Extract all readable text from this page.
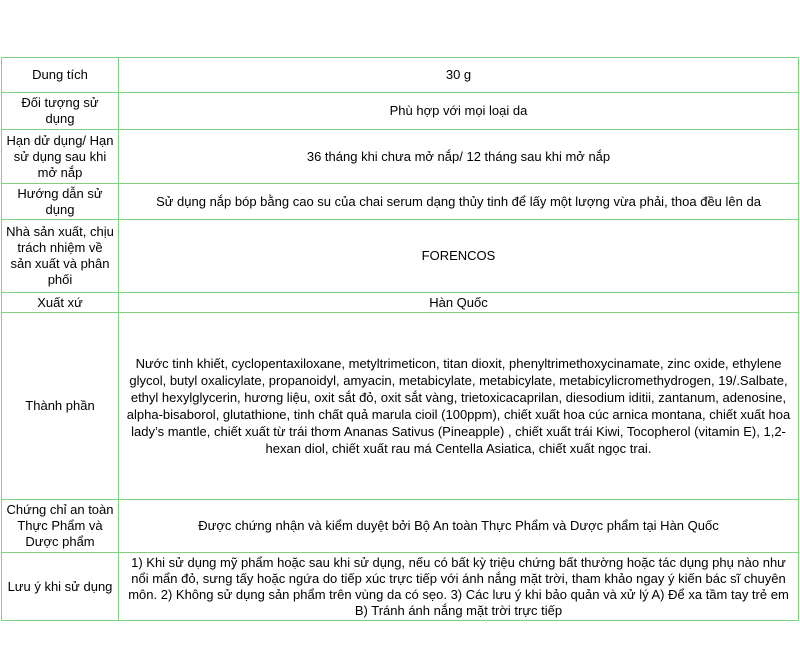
Dung tích	30 g
Đối tượng sử dụng	Phù hợp với mọi loại da
Hạn dử dụng/ Hạn sử dụng sau khi mở nắp	36 tháng khi chưa mở nắp/ 12 tháng sau khi mở nắp
Hướng dẫn sử dụng	Sử dụng nắp bóp bằng cao su của chai serum dạng thủy tinh để lấy một lượng vừa phải, thoa đều lên da
Nhà sản xuất, chịu trách nhiệm về sản xuất và phân phối	FORENCOS
Xuất xứ	Hàn Quốc
Thành phần	Nước tinh khiết, cyclopentaxiloxane, metyltrimeticon, titan dioxit, phenyltrimethoxycinamate, zinc oxide, ethylene glycol, butyl oxalicylate, propanoidyl, amyacin, metabicylate, metabicylate, metabicylicromethydrogen, 19/.Salbate, ethyl hexylglycerin, hương liệu, oxit sắt đỏ, oxit sắt vàng, trietoxicacaprilan, diesodium iditii, zantanum, adenosine, alpha-bisaborol, glutathione, tinh chất quả marula cioil (100ppm), chiết xuất hoa cúc arnica montana, chiết xuất hoa lady’s mantle, chiết xuất từ trái thơm Ananas Sativus (Pineapple) , chiết xuất trái Kiwi, Tocopherol (vitamin E), 1,2-hexan diol, chiết xuất rau má Centella Asiatica, chiết xuất ngọc trai.
Chứng chỉ an toàn Thực Phẩm và Dược phẩm	Được chứng nhận và kiểm duyệt bởi Bộ An toàn Thực Phẩm và Dược phẩm tại Hàn Quốc
Lưu ý khi sử dụng	1) Khi sử dụng mỹ phẩm hoặc sau khi sử dụng, nếu có bất kỳ triệu chứng bất thường hoặc tác dụng phụ nào như nổi mẩn đỏ, sưng tấy hoặc ngứa do tiếp xúc trực tiếp với ánh nắng mặt trời, tham khảo ngay ý kiến bác sĩ chuyên môn. 2) Không sử dụng sản phẩm trên vùng da có sẹo. 3) Các lưu ý khi bảo quản và xử lý A) Để xa tầm tay trẻ em B) Tránh ánh nắng mặt trời trực tiếp
